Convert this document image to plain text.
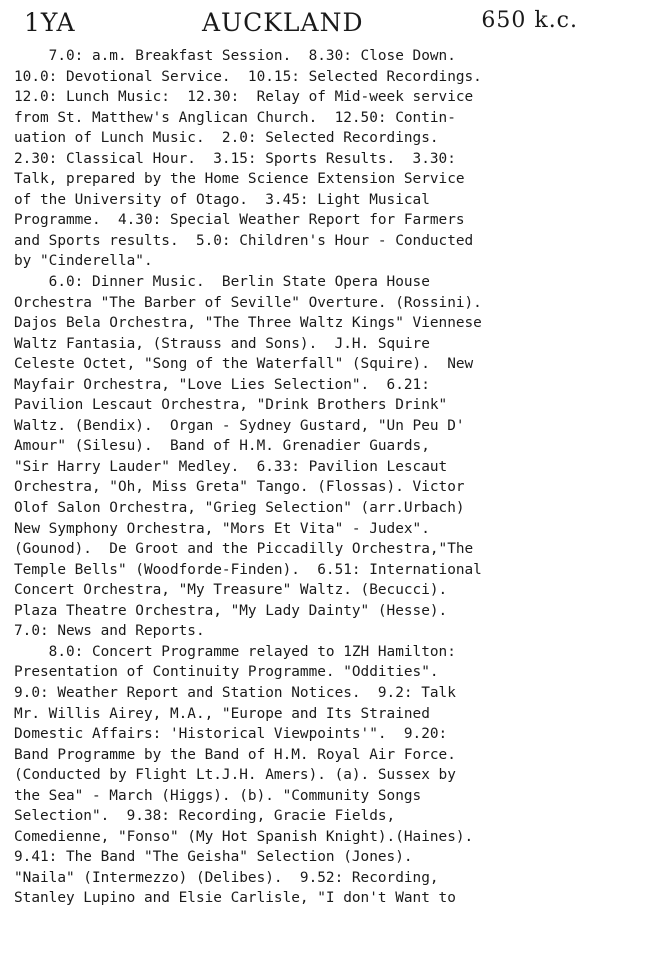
1YA	AUCKLAND	650 k.c.
7.0: a.m. Breakfast Session.  8.30: Close Down.
10.0: Devotional Service.  10.15: Selected Recordings.
12.0: Lunch Music:  12.30:  Relay of Mid-week service
from St. Matthew's Anglican Church.  12.50: Contin-
uation of Lunch Music.  2.0: Selected Recordings.
2.30: Classical Hour.  3.15: Sports Results.  3.30:
Talk, prepared by the Home Science Extension Service
of the University of Otago.  3.45: Light Musical
Programme.  4.30: Special Weather Report for Farmers
and Sports results.  5.0: Children's Hour - Conducted
by "Cinderella".
6.0: Dinner Music.  Berlin State Opera House
Orchestra "The Barber of Seville" Overture. (Rossini).
Dajos Bela Orchestra, "The Three Waltz Kings" Viennese
Waltz Fantasia, (Strauss and Sons).  J.H. Squire
Celeste Octet, "Song of the Waterfall" (Squire).  New
Mayfair Orchestra, "Love Lies Selection".  6.21:
Pavilion Lescaut Orchestra, "Drink Brothers Drink"
Waltz. (Bendix).  Organ - Sydney Gustard, "Un Peu D'
Amour" (Silesu).  Band of H.M. Grenadier Guards,
"Sir Harry Lauder" Medley.  6.33: Pavilion Lescaut
Orchestra, "Oh, Miss Greta" Tango. (Flossas). Victor
Olof Salon Orchestra, "Grieg Selection" (arr.Urbach)
New Symphony Orchestra, "Mors Et Vita" - Judex".
(Gounod).  De Groot and the Piccadilly Orchestra,"The
Temple Bells" (Woodforde-Finden).  6.51: International
Concert Orchestra, "My Treasure" Waltz. (Becucci).
Plaza Theatre Orchestra, "My Lady Dainty" (Hesse).
7.0: News and Reports.
8.0: Concert Programme relayed to 1ZH Hamilton:
Presentation of Continuity Programme. "Oddities".
9.0: Weather Report and Station Notices.  9.2: Talk
Mr. Willis Airey, M.A., "Europe and Its Strained
Domestic Affairs: 'Historical Viewpoints'".  9.20:
Band Programme by the Band of H.M. Royal Air Force.
(Conducted by Flight Lt.J.H. Amers). (a). Sussex by
the Sea" - March (Higgs). (b). "Community Songs
Selection".  9.38: Recording, Gracie Fields,
Comedienne, "Fonso" (My Hot Spanish Knight).(Haines).
9.41: The Band "The Geisha" Selection (Jones).
"Naila" (Intermezzo) (Delibes).  9.52: Recording,
Stanley Lupino and Elsie Carlisle, "I don't Want to
